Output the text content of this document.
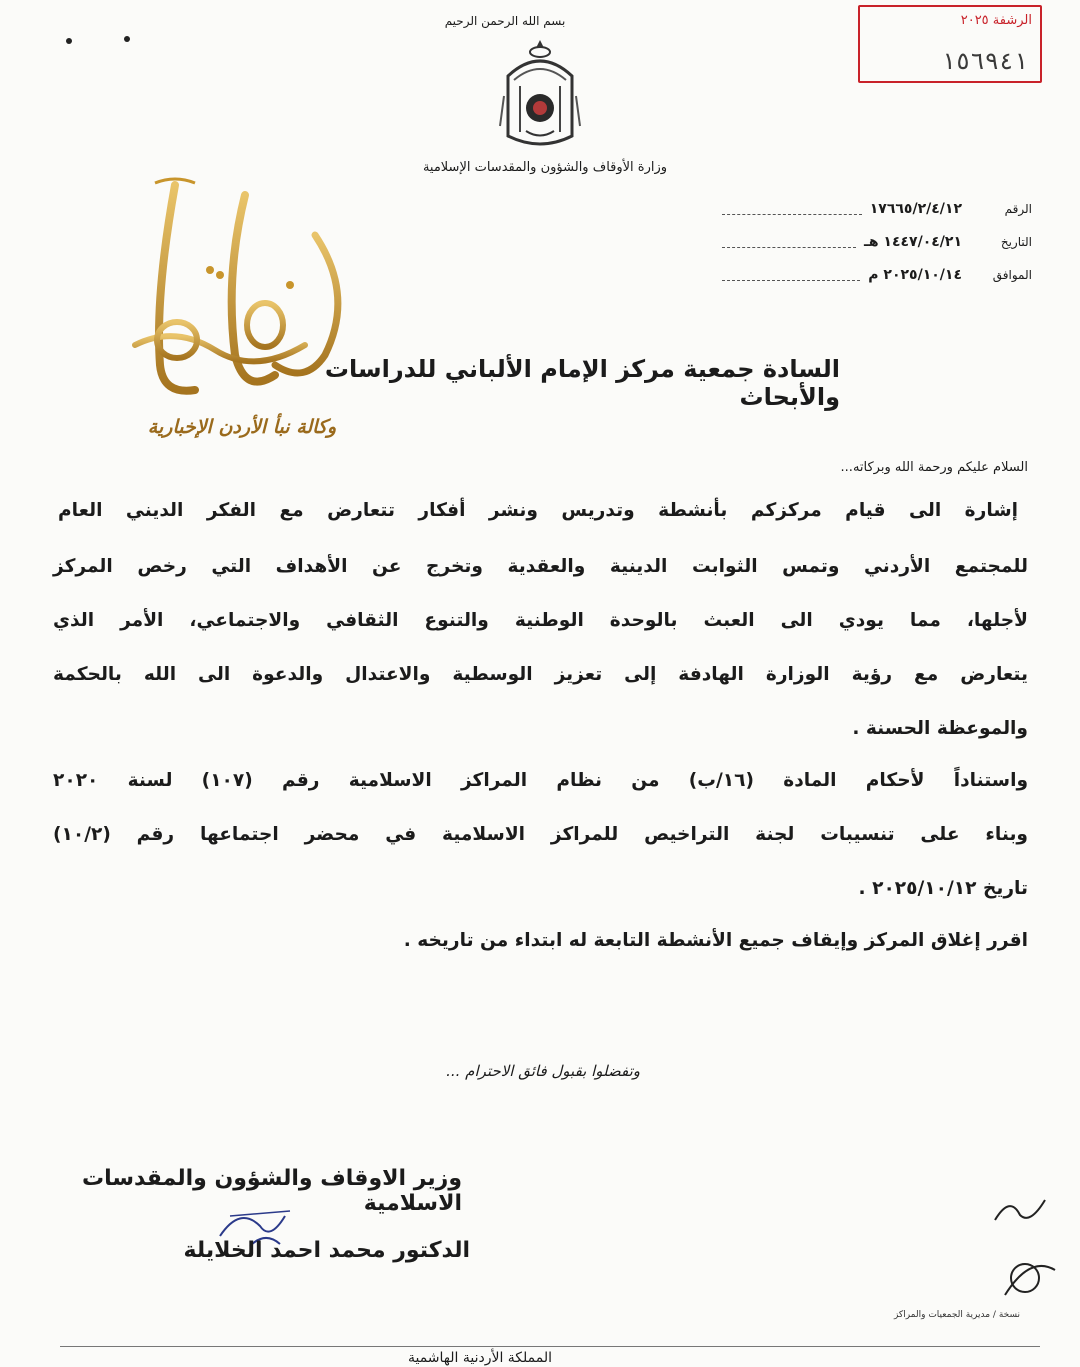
بسم الله الرحمن الرحيم
وزارة الأوقاف والشؤون والمقدسات الإسلامية
الرشفة ٢٠٢٥
١٥٦٩٤١
الرقم
١٧٦٦٥/٢/٤/١٢
التاريخ
١٤٤٧/٠٤/٢١ هـ
الموافق
٢٠٢٥/١٠/١٤ م
وكالة نبأ الأردن الإخبارية
السادة جمعية مركز الإمام الألباني للدراسات والأبحاث
السلام عليكم ورحمة الله وبركاته...
إشارة الى قيام مركزكم بأنشطة وتدريس ونشر أفكار تتعارض مع الفكر الديني العام
للمجتمع الأردني وتمس الثوابت الدينية والعقدية وتخرج عن الأهداف التي رخص المركز
لأجلها، مما يودي الى العبث بالوحدة الوطنية والتنوع الثقافي والاجتماعي، الأمر الذي
يتعارض مع رؤية الوزارة الهادفة إلى تعزيز الوسطية والاعتدال والدعوة الى الله بالحكمة
والموعظة الحسنة .
واستناداً لأحكام المادة (١٦/ب) من نظام المراكز الاسلامية رقم (١٠٧) لسنة ٢٠٢٠
وبناء على تنسيبات لجنة التراخيص للمراكز الاسلامية في محضر اجتماعها رقم (١٠/٢)
تاريخ ٢٠٢٥/١٠/١٢ .
اقرر إغلاق المركز وإيقاف جميع الأنشطة التابعة له ابتداء من تاريخه .
وتفضلوا بقبول فائق الاحترام ...
وزير الاوقاف والشؤون والمقدسات الاسلامية
الدكتور محمد احمد الخلايلة
نسخة / مديرية الجمعيات والمراكز
المملكة الأردنية الهاشمية
